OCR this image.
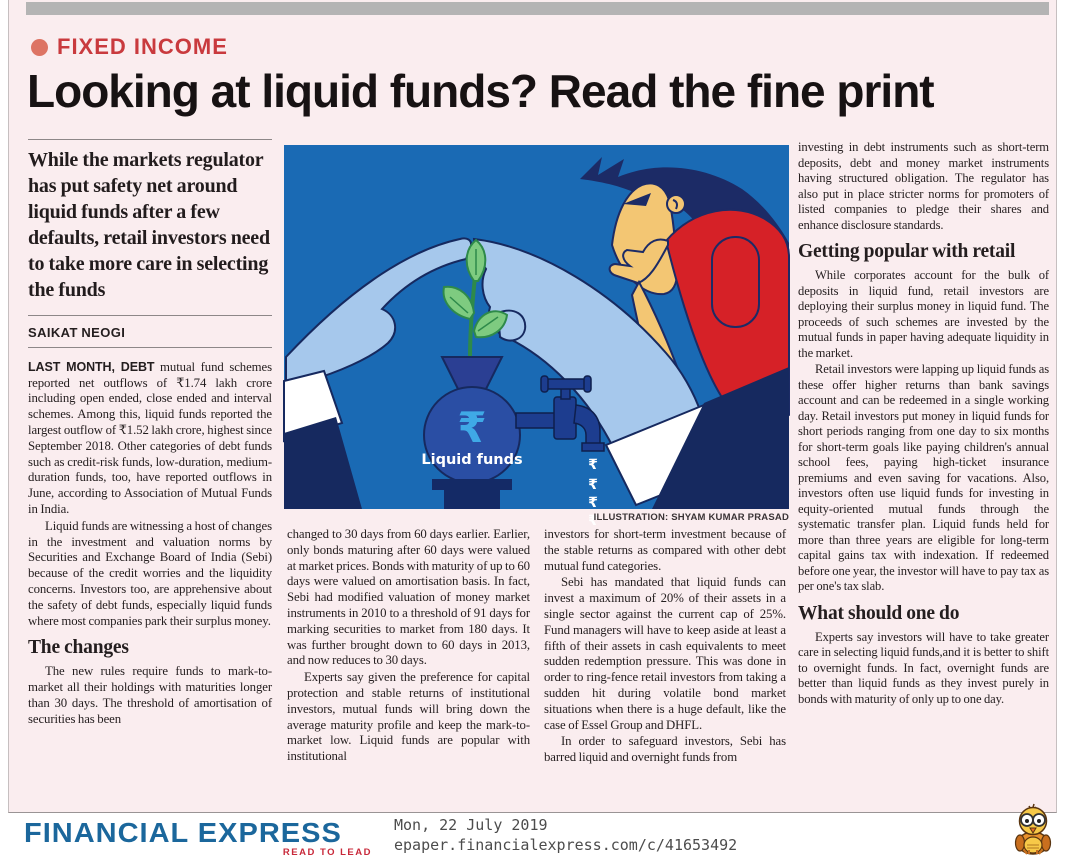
FIXED INCOME
Looking at liquid funds? Read the fine print
While the markets regulator has put safety net around liquid funds after a few defaults, retail investors need to take more care in selecting the funds
SAIKAT NEOGI

LAST MONTH, DEBT mutual fund schemes reported net outflows of ₹1.74 lakh crore including open ended, close ended and interval schemes. Among this, liquid funds reported the largest outflow of ₹1.52 lakh crore, highest since September 2018. Other categories of debt funds such as credit-risk funds, low-duration, medium-duration funds, too, have reported outflows in June, according to Association of Mutual Funds in India.

Liquid funds are witnessing a host of changes in the investment and valuation norms by Securities and Exchange Board of India (Sebi) because of the credit worries and the liquidity concerns. Investors too, are apprehensive about the safety of debt funds, especially liquid funds where most companies park their surplus money.

The changes

The new rules require funds to mark-to-market all their holdings with maturities longer than 30 days. The threshold of amortisation of securities has been

₹
Liquid funds	₹
₹
₹
₹
ILLUSTRATION: SHYAM KUMAR PRASAD

changed to 30 days from 60 days earlier. Earlier, only bonds maturing after 60 days were valued at market prices. Bonds with maturity of up to 60 days were valued on amortisation basis. In fact, Sebi had modified valuation of money market instruments in 2010 to a threshold of 91 days for marking securities to market from 180 days. It was further brought down to 60 days in 2013, and now reduces to 30 days.

Experts say given the preference for capital protection and stable returns of institutional investors, mutual funds will bring down the average maturity profile and keep the mark-to-market low. Liquid funds are popular with institutional

investors for short-term investment because of the stable returns as compared with other debt mutual fund categories.

Sebi has mandated that liquid funds can invest a maximum of 20% of their assets in a single sector against the current cap of 25%. Fund managers will have to keep aside at least a fifth of their assets in cash equivalents to meet sudden redemption pressure. This was done in order to ring-fence retail investors from taking a sudden hit during volatile bond market situations when there is a huge default, like the case of Essel Group and DHFL.

In order to safeguard investors, Sebi has barred liquid and overnight funds from

investing in debt instruments such as short-term deposits, debt and money market instruments having structured obligation. The regulator has also put in place stricter norms for promoters of listed companies to pledge their shares and enhance disclosure standards.

Getting popular with retail

While corporates account for the bulk of deposits in liquid fund, retail investors are deploying their surplus money in liquid fund. The proceeds of such schemes are invested by the mutual funds in paper having adequate liquidity in the market.

Retail investors were lapping up liquid funds as these offer higher returns than bank savings account and can be redeemed in a single working day. Retail investors put money in liquid funds for short periods ranging from one day to six months for short-term goals like paying children's annual school fees, paying high-ticket insurance premiums and even saving for vacations. Also, investors often use liquid funds for investing in equity-oriented mutual funds through the systematic transfer plan. Liquid funds held for more than three years are eligible for long-term capital gains tax with indexation. If redeemed before one year, the investor will have to pay tax as per one's tax slab.

What should one do

Experts say investors will have to take greater care in selecting liquid funds,and it is better to shift to overnight funds. In fact, overnight funds are better than liquid funds as they invest purely in bonds with maturity of only up to one day.

FINANCIAL EXPRESS
READ TO LEAD
Mon, 22 July 2019
epaper.financialexpress.com/c/41653492
